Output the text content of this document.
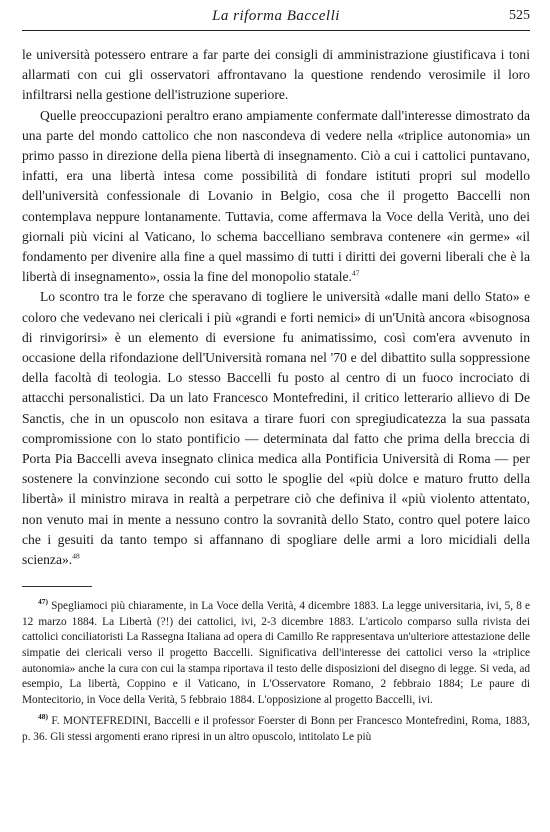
La riforma Baccelli	525

le università potessero entrare a far parte dei consigli di amministrazione giustificava i toni allarmati con cui gli osservatori affrontavano la questione rendendo verosimile il loro infiltrarsi nella gestione dell'istruzione superiore.

Quelle preoccupazioni peraltro erano ampiamente confermate dall'interesse dimostrato da una parte del mondo cattolico che non nascondeva di vedere nella «triplice autonomia» un primo passo in direzione della piena libertà di insegnamento. Ciò a cui i cattolici puntavano, infatti, era una libertà intesa come possibilità di fondare istituti propri sul modello dell'università confessionale di Lovanio in Belgio, cosa che il progetto Baccelli non contemplava neppure lontanamente. Tuttavia, come affermava la Voce della Verità, uno dei giornali più vicini al Vaticano, lo schema baccelliano sembrava contenere «in germe» «il fondamento per divenire alla fine a quel massimo di tutti i diritti dei governi liberali che è la libertà di insegnamento», ossia la fine del monopolio statale.$^{47}$

Lo scontro tra le forze che speravano di togliere le università «dalle mani dello Stato» e coloro che vedevano nei clericali i più «grandi e forti nemici» di un'Unità ancora «bisognosa di rinvigorirsi» è un elemento di eversione fu animatissimo, così com'era avvenuto in occasione della rifondazione dell'Università romana nel '70 e del dibattito sulla soppressione della facoltà di teologia. Lo stesso Baccelli fu posto al centro di un fuoco incrociato di attacchi personalistici. Da un lato Francesco Montefredini, il critico letterario allievo di De Sanctis, che in un opuscolo non esitava a tirare fuori con spregiudicatezza la sua passata compromissione con lo stato pontificio — determinata dal fatto che prima della breccia di Porta Pia Baccelli aveva insegnato clinica medica alla Pontificia Università di Roma — per sostenere la convinzione secondo cui sotto le spoglie del «più dolce e maturo frutto della libertà» il ministro mirava in realtà a perpetrare ciò che definiva il «più violento attentato, non venuto mai in mente a nessuno contro la sovranità dello Stato, contro quel potere laico che i gesuiti da tanto tempo si affannano di spogliare delle armi a loro micidiali della scienza».$^{48}$

$^{47)}$ Spegliamoci più chiaramente, in La Voce della Verità, 4 dicembre 1883. La legge universitaria, ivi, 5, 8 e 12 marzo 1884. La Libertà (?!) dei cattolici, ivi, 2-3 dicembre 1883. L'articolo comparso sulla rivista dei cattolici conciliatoristi La Rassegna Italiana ad opera di Camillo Re rappresentava un'ulteriore attestazione delle simpatie dei clericali verso il progetto Baccelli. Significativa dell'interesse dei cattolici verso la «triplice autonomia» anche la cura con cui la stampa riportava il testo delle disposizioni del disegno di legge. Si veda, ad esempio, La libertà, Coppino e il Vaticano, in L'Osservatore Romano, 2 febbraio 1884; Le paure di Montecitorio, in Voce della Verità, 5 febbraio 1884. L'opposizione al progetto Baccelli, ivi.

$^{48)}$ F. MONTEFREDINI, Baccelli e il professor Foerster di Bonn per Francesco Montefredini, Roma, 1883, p. 36. Gli stessi argomenti erano ripresi in un altro opuscolo, intitolato Le più
